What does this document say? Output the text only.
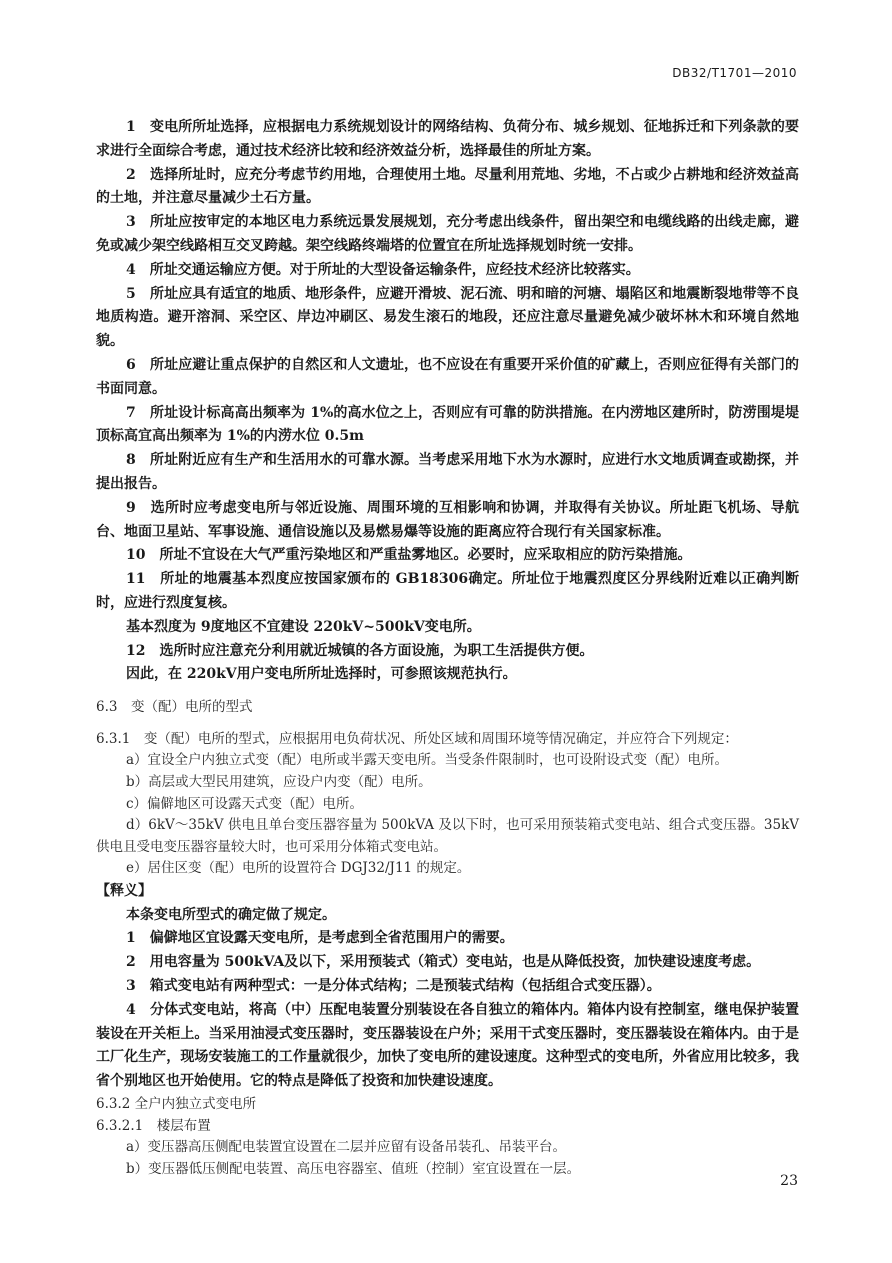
DB32/T1701—2010

1　变电所所址选择，应根据电力系统规划设计的网络结构、负荷分布、城乡规划、征地拆迁和下列条款的要求进行全面综合考虑，通过技术经济比较和经济效益分析，选择最佳的所址方案。

2　选择所址时，应充分考虑节约用地，合理使用土地。尽量利用荒地、劣地，不占或少占耕地和经济效益高的土地，并注意尽量减少土石方量。

3　所址应按审定的本地区电力系统远景发展规划，充分考虑出线条件，留出架空和电缆线路的出线走廊，避免或减少架空线路相互交叉跨越。架空线路终端塔的位置宜在所址选择规划时统一安排。

4　所址交通运输应方便。对于所址的大型设备运输条件，应经技术经济比较落实。

5　所址应具有适宜的地质、地形条件，应避开滑坡、泥石流、明和暗的河塘、塌陷区和地震断裂地带等不良地质构造。避开溶洞、采空区、岸边冲刷区、易发生滚石的地段，还应注意尽量避免减少破坏林木和环境自然地貌。

6　所址应避让重点保护的自然区和人文遗址，也不应设在有重要开采价值的矿藏上，否则应征得有关部门的书面同意。

7　所址设计标高高出频率为 1%的高水位之上，否则应有可靠的防洪措施。在内涝地区建所时，防涝围堤堤顶标高宜高出频率为 1%的内涝水位 0.5m

8　所址附近应有生产和生活用水的可靠水源。当考虑采用地下水为水源时，应进行水文地质调查或勘探，并提出报告。

9　选所时应考虑变电所与邻近设施、周围环境的互相影响和协调，并取得有关协议。所址距飞机场、导航台、地面卫星站、军事设施、通信设施以及易燃易爆等设施的距离应符合现行有关国家标准。

10　所址不宜设在大气严重污染地区和严重盐雾地区。必要时，应采取相应的防污染措施。

11　所址的地震基本烈度应按国家颁布的 GB18306确定。所址位于地震烈度区分界线附近难以正确判断时，应进行烈度复核。

基本烈度为 9度地区不宜建设 220kV~500kV变电所。

12　选所时应注意充分利用就近城镇的各方面设施，为职工生活提供方便。

因此，在 220kV用户变电所所址选择时，可参照该规范执行。

6.3　变（配）电所的型式

6.3.1　变（配）电所的型式，应根据用电负荷状况、所处区域和周围环境等情况确定，并应符合下列规定：

a）宜设全户内独立式变（配）电所或半露天变电所。当受条件限制时，也可设附设式变（配）电所。

b）高层或大型民用建筑，应设户内变（配）电所。

c）偏僻地区可设露天式变（配）电所。

d）6kV～35kV 供电且单台变压器容量为 500kVA 及以下时，也可采用预装箱式变电站、组合式变压器。35kV 供电且受电变压器容量较大时，也可采用分体箱式变电站。

e）居住区变（配）电所的设置符合 DGJ32/J11 的规定。

【释义】

本条变电所型式的确定做了规定。

1　偏僻地区宜设露天变电所，是考虑到全省范围用户的需要。

2　用电容量为 500kVA及以下，采用预装式（箱式）变电站，也是从降低投资，加快建设速度考虑。

3　箱式变电站有两种型式：一是分体式结构；二是预装式结构（包括组合式变压器）。

4　分体式变电站，将高（中）压配电装置分别装设在各自独立的箱体内。箱体内设有控制室，继电保护装置装设在开关柜上。当采用油浸式变压器时，变压器装设在户外；采用干式变压器时，变压器装设在箱体内。由于是工厂化生产，现场安装施工的工作量就很少，加快了变电所的建设速度。这种型式的变电所，外省应用比较多，我省个别地区也开始使用。它的特点是降低了投资和加快建设速度。

6.3.2 全户内独立式变电所

6.3.2.1　楼层布置

a）变压器高压侧配电装置宜设置在二层并应留有设备吊装孔、吊装平台。

b）变压器低压侧配电装置、高压电容器室、值班（控制）室宜设置在一层。

23
